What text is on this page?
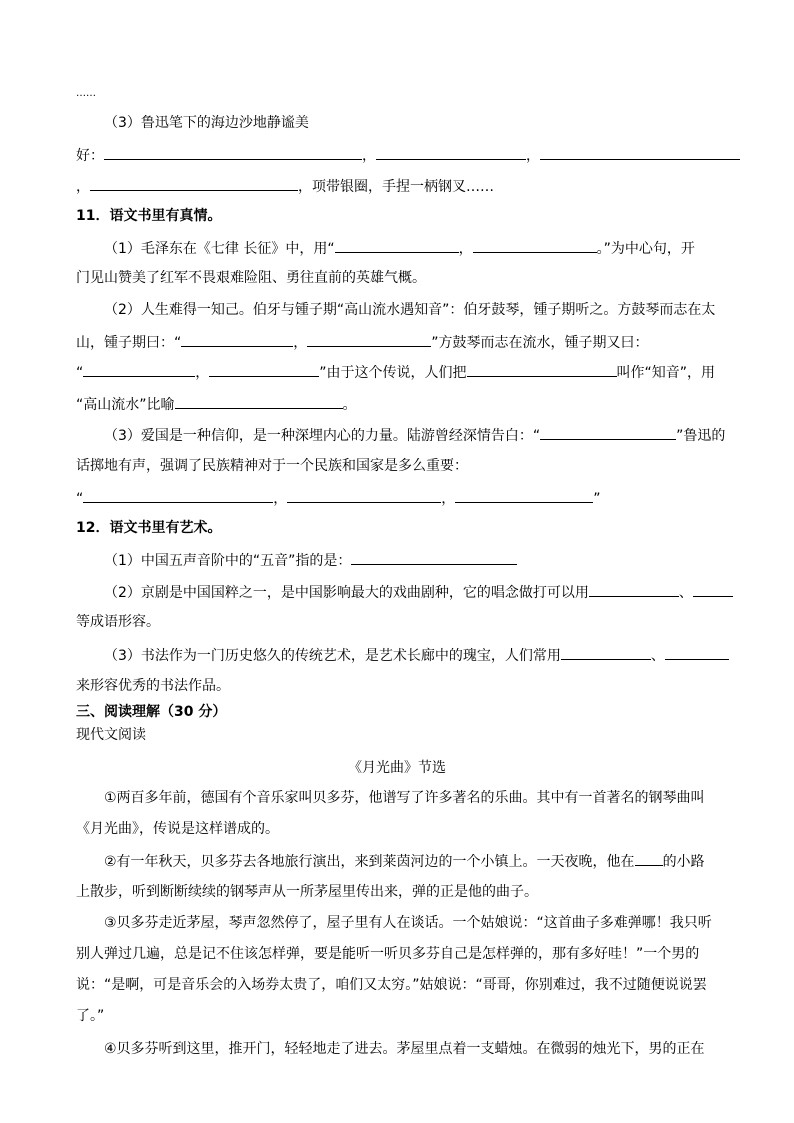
……
（3）鲁迅笔下的海边沙地静谧美
好：	，	，
，	，项带银圈，手捏一柄钢叉……
11．语文书里有真情。
（1）毛泽东在《七律 长征》中，用“	，	。”为中心句，开
门见山赞美了红军不畏艰难险阻、勇往直前的英雄气概。
（2）人生难得一知己。伯牙与锺子期“高山流水遇知音”：伯牙鼓琴，锺子期听之。方鼓琴而志在太
山，锺子期曰：“	，	”方鼓琴而志在流水，锺子期又曰：
“	，	”由于这个传说，人们把	叫作“知音”，用
“高山流水”比喻	。
（3）爱国是一种信仰，是一种深埋内心的力量。陆游曾经深情告白：“	”鲁迅的
话掷地有声，强调了民族精神对于一个民族和国家是多么重要：
“	，	，	”
12．语文书里有艺术。
（1）中国五声音阶中的“五音”指的是：
（2）京剧是中国国粹之一，是中国影响最大的戏曲剧种，它的唱念做打可以用	、
等成语形容。
（3）书法作为一门历史悠久的传统艺术，是艺术长廊中的瑰宝，人们常用	、
来形容优秀的书法作品。
三、阅读理解（30 分）
现代文阅读
《月光曲》节选
①两百多年前，德国有个音乐家叫贝多芬，他谱写了许多著名的乐曲。其中有一首著名的钢琴曲叫
《月光曲》，传说是这样谱成的。
②有一年秋天，贝多芬去各地旅行演出，来到莱茵河边的一个小镇上。一天夜晚，他在 的小路
上散步，听到断断续续的钢琴声从一所茅屋里传出来，弹的正是他的曲子。
③贝多芬走近茅屋，琴声忽然停了，屋子里有人在谈话。一个姑娘说：“这首曲子多难弹哪！我只听
别人弹过几遍，总是记不住该怎样弹，要是能听一听贝多芬自己是怎样弹的，那有多好哇！”一个男的
说：“是啊，可是音乐会的入场券太贵了，咱们又太穷。”姑娘说：“哥哥，你别难过，我不过随便说说罢
了。”
④贝多芬听到这里，推开门，轻轻地走了进去。茅屋里点着一支蜡烛。在微弱的烛光下，男的正在
